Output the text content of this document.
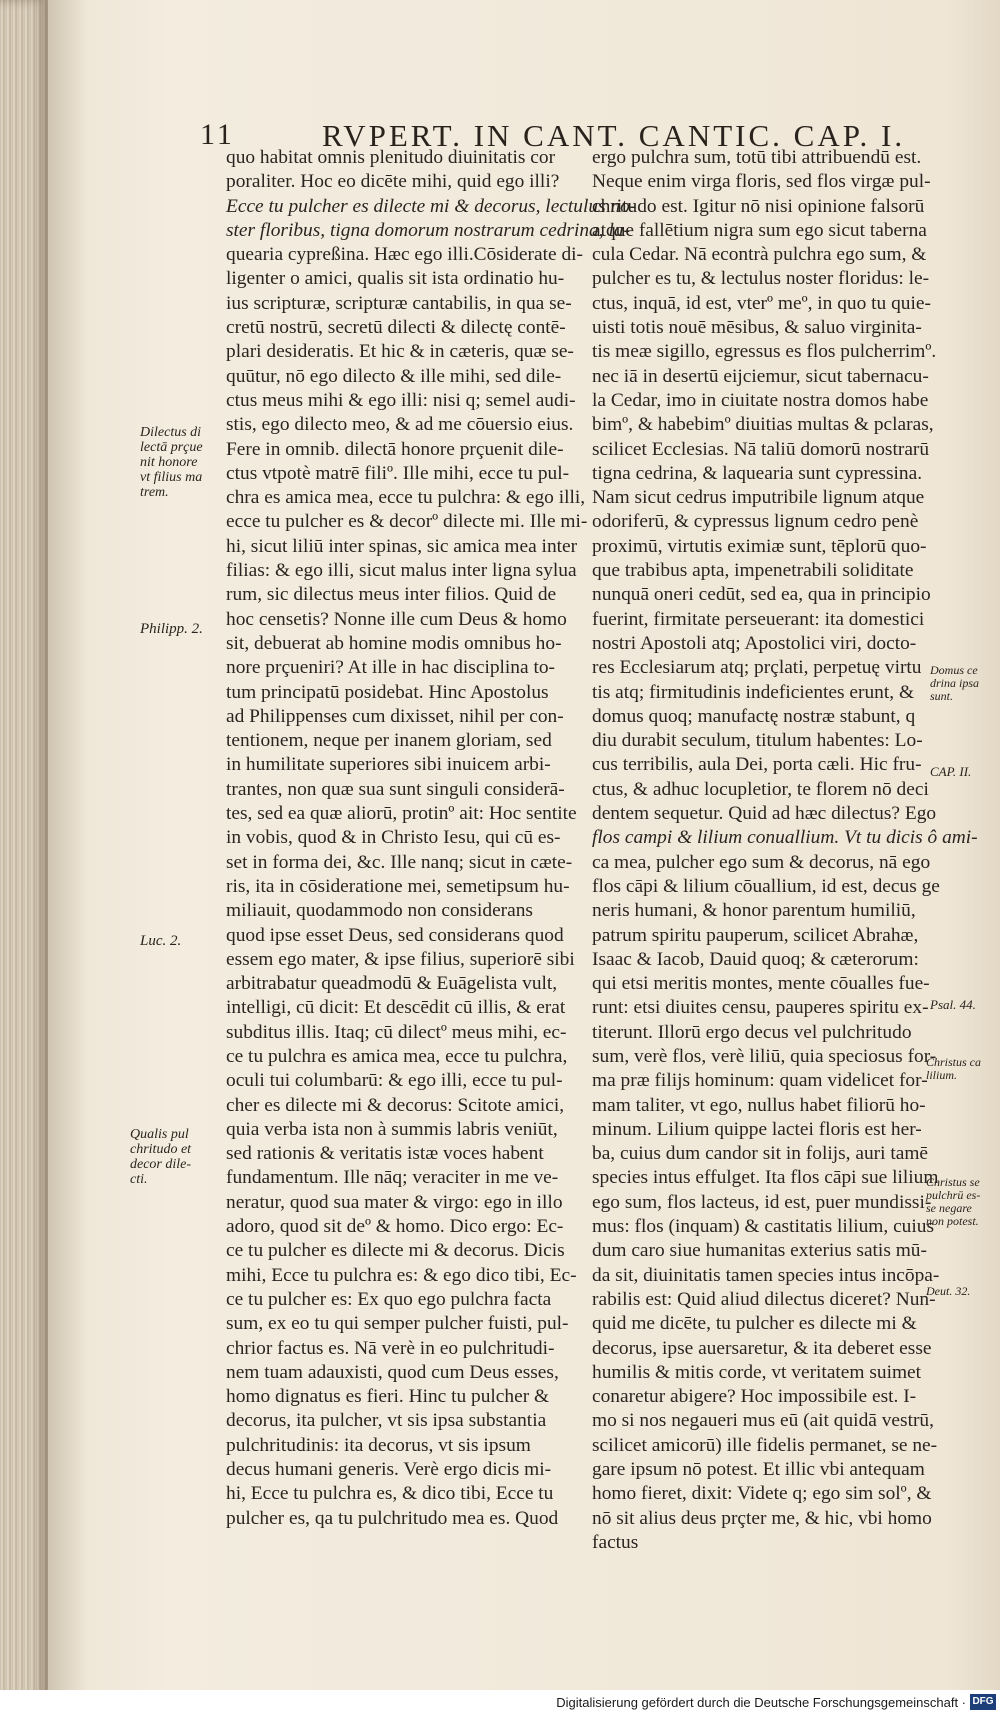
11	RVPERT. IN CANT. CANTIC. CAP. I.
quo habitat omnis plenitudo diuinitatis cor
poraliter. Hoc eo dicēte mihi, quid ego illi?
Ecce tu pulcher es dilecte mi & decorus, lectulus no-
ster floribus, tigna domorum nostrarum cedrina, la-
quearia cypreßina. Hæc ego illi.Cōsiderate di-
ligenter o amici, qualis sit ista ordinatio hu-
ius scripturæ, scripturæ cantabilis, in qua se-
cretū nostrū, secretū dilecti & dilectę contē-
plari desideratis. Et hic & in cæteris, quæ se-
quūtur, nō ego dilecto & ille mihi, sed dile-
ctus meus mihi & ego illi: nisi q; semel audi-
stis, ego dilecto meo, & ad me cōuersio eius.
Fere in omnib. dilectā honore prçuenit dile-
ctus vtpotè matrē filiº. Ille mihi, ecce tu pul-
chra es amica mea, ecce tu pulchra: & ego illi,
ecce tu pulcher es & decorº dilecte mi. Ille mi-
hi, sicut liliū inter spinas, sic amica mea inter
filias: & ego illi, sicut malus inter ligna sylua
rum, sic dilectus meus inter filios. Quid de
hoc censetis? Nonne ille cum Deus & homo
sit, debuerat ab homine modis omnibus ho-
nore prçueniri? At ille in hac disciplina to-
tum principatū posidebat. Hinc Apostolus
ad Philippenses cum dixisset, nihil per con-
tentionem, neque per inanem gloriam, sed
in humilitate superiores sibi inuicem arbi-
trantes, non quæ sua sunt singuli considerā-
tes, sed ea quæ aliorū, protinº ait: Hoc sentite
in vobis, quod & in Christo Iesu, qui cū es-
set in forma dei, &c. Ille nanq; sicut in cæte-
ris, ita in cōsideratione mei, semetipsum hu-
miliauit, quodammodo non considerans
quod ipse esset Deus, sed considerans quod
essem ego mater, & ipse filius, superiorē sibi
arbitrabatur queadmodū & Euāgelista vult,
intelligi, cū dicit: Et descēdit cū illis, & erat
subditus illis. Itaq; cū dilectº meus mihi, ec-
ce tu pulchra es amica mea, ecce tu pulchra,
oculi tui columbarū: & ego illi, ecce tu pul-
cher es dilecte mi & decorus: Scitote amici,
quia verba ista non à summis labris veniūt,
sed rationis & veritatis istæ voces habent
fundamentum. Ille nāq; veraciter in me ve-
neratur, quod sua mater & virgo: ego in illo
adoro, quod sit deº & homo. Dico ergo: Ec-
ce tu pulcher es dilecte mi & decorus. Dicis
mihi, Ecce tu pulchra es: & ego dico tibi, Ec-
ce tu pulcher es: Ex quo ego pulchra facta
sum, ex eo tu qui semper pulcher fuisti, pul-
chrior factus es. Nā verè in eo pulchritudi-
nem tuam adauxisti, quod cum Deus esses,
homo dignatus es fieri. Hinc tu pulcher &
decorus, ita pulcher, vt sis ipsa substantia
pulchritudinis: ita decorus, vt sis ipsum
decus humani generis. Verè ergo dicis mi-
hi, Ecce tu pulchra es, & dico tibi, Ecce tu
pulcher es, qa tu pulchritudo mea es. Quod
ergo pulchra sum, totū tibi attribuendū est.
Neque enim virga floris, sed flos virgæ pul-
chritudo est. Igitur nō nisi opinione falsorū
atque fallētium nigra sum ego sicut taberna
cula Cedar. Nā econtrà pulchra ego sum, &
pulcher es tu, & lectulus noster floridus: le-
ctus, inquā, id est, vterº meº, in quo tu quie-
uisti totis nouē mēsibus, & saluo virginita-
tis meæ sigillo, egressus es flos pulcherrimº.
nec iā in desertū eijciemur, sicut tabernacu-
la Cedar, imo in ciuitate nostra domos habe
bimº, & habebimº diuitias multas & pclaras,
scilicet Ecclesias. Nā taliū domorū nostrarū
tigna cedrina, & laquearia sunt cypressina.
Nam sicut cedrus imputribile lignum atque
odoriferū, & cypressus lignum cedro penè
proximū, virtutis eximiæ sunt, tēplorū quo-
que trabibus apta, impenetrabili soliditate
nunquā oneri cedūt, sed ea, qua in principio
fuerint, firmitate perseuerant: ita domestici
nostri Apostoli atq; Apostolici viri, docto-
res Ecclesiarum atq; prçlati, perpetuę virtu
tis atq; firmitudinis indeficientes erunt, &
domus quoq; manufactę nostræ stabunt, q
diu durabit seculum, titulum habentes: Lo-
cus terribilis, aula Dei, porta cæli. Hic fru-
ctus, & adhuc locupletior, te florem nō deci
dentem sequetur. Quid ad hæc dilectus? Ego
flos campi & lilium conuallium. Vt tu dicis ô ami-
ca mea, pulcher ego sum & decorus, nā ego
flos cāpi & lilium cōuallium, id est, decus ge
neris humani, & honor parentum humiliū,
patrum spiritu pauperum, scilicet Abrahæ,
Isaac & Iacob, Dauid quoq; & cæterorum:
qui etsi meritis montes, mente cōualles fue-
runt: etsi diuites censu, pauperes spiritu ex-
titerunt. Illorū ergo decus vel pulchritudo
sum, verè flos, verè liliū, quia speciosus for-
ma præ filijs hominum: quam videlicet for-
mam taliter, vt ego, nullus habet filiorū ho-
minum. Lilium quippe lactei floris est her-
ba, cuius dum candor sit in folijs, auri tamē
species intus effulget. Ita flos cāpi sue lilium
ego sum, flos lacteus, id est, puer mundissi-
mus: flos (inquam) & castitatis lilium, cuius
dum caro siue humanitas exterius satis mū-
da sit, diuinitatis tamen species intus incōpa-
rabilis est: Quid aliud dilectus diceret? Nun-
quid me dicēte, tu pulcher es dilecte mi &
decorus, ipse auersaretur, & ita deberet esse
humilis & mitis corde, vt veritatem suimet
conaretur abigere? Hoc impossibile est. I-
mo si nos negaueri mus eū (ait quidā vestrū,
scilicet amicorū) ille fidelis permanet, se ne-
gare ipsum nō potest. Et illic vbi antequam
homo fieret, dixit: Videte q; ego sim solº, &
nō sit alius deus prçter me, & hic, vbi homo
factus
Dilectus di
lectā prçue
nit honore
vt filius ma
trem.
Philipp. 2.
Luc. 2.
Qualis pul
chritudo et
decor dile-
cti.
Domus ce
drina ipsa
sunt.
CAP. II.
Psal. 44.
Christus ca
lilium.
Christus se
pulchrū es-
se negare
non potest.
Deut. 32.
Digitalisierung gefördert durch die Deutsche Forschungsgemeinschaft · DFG
